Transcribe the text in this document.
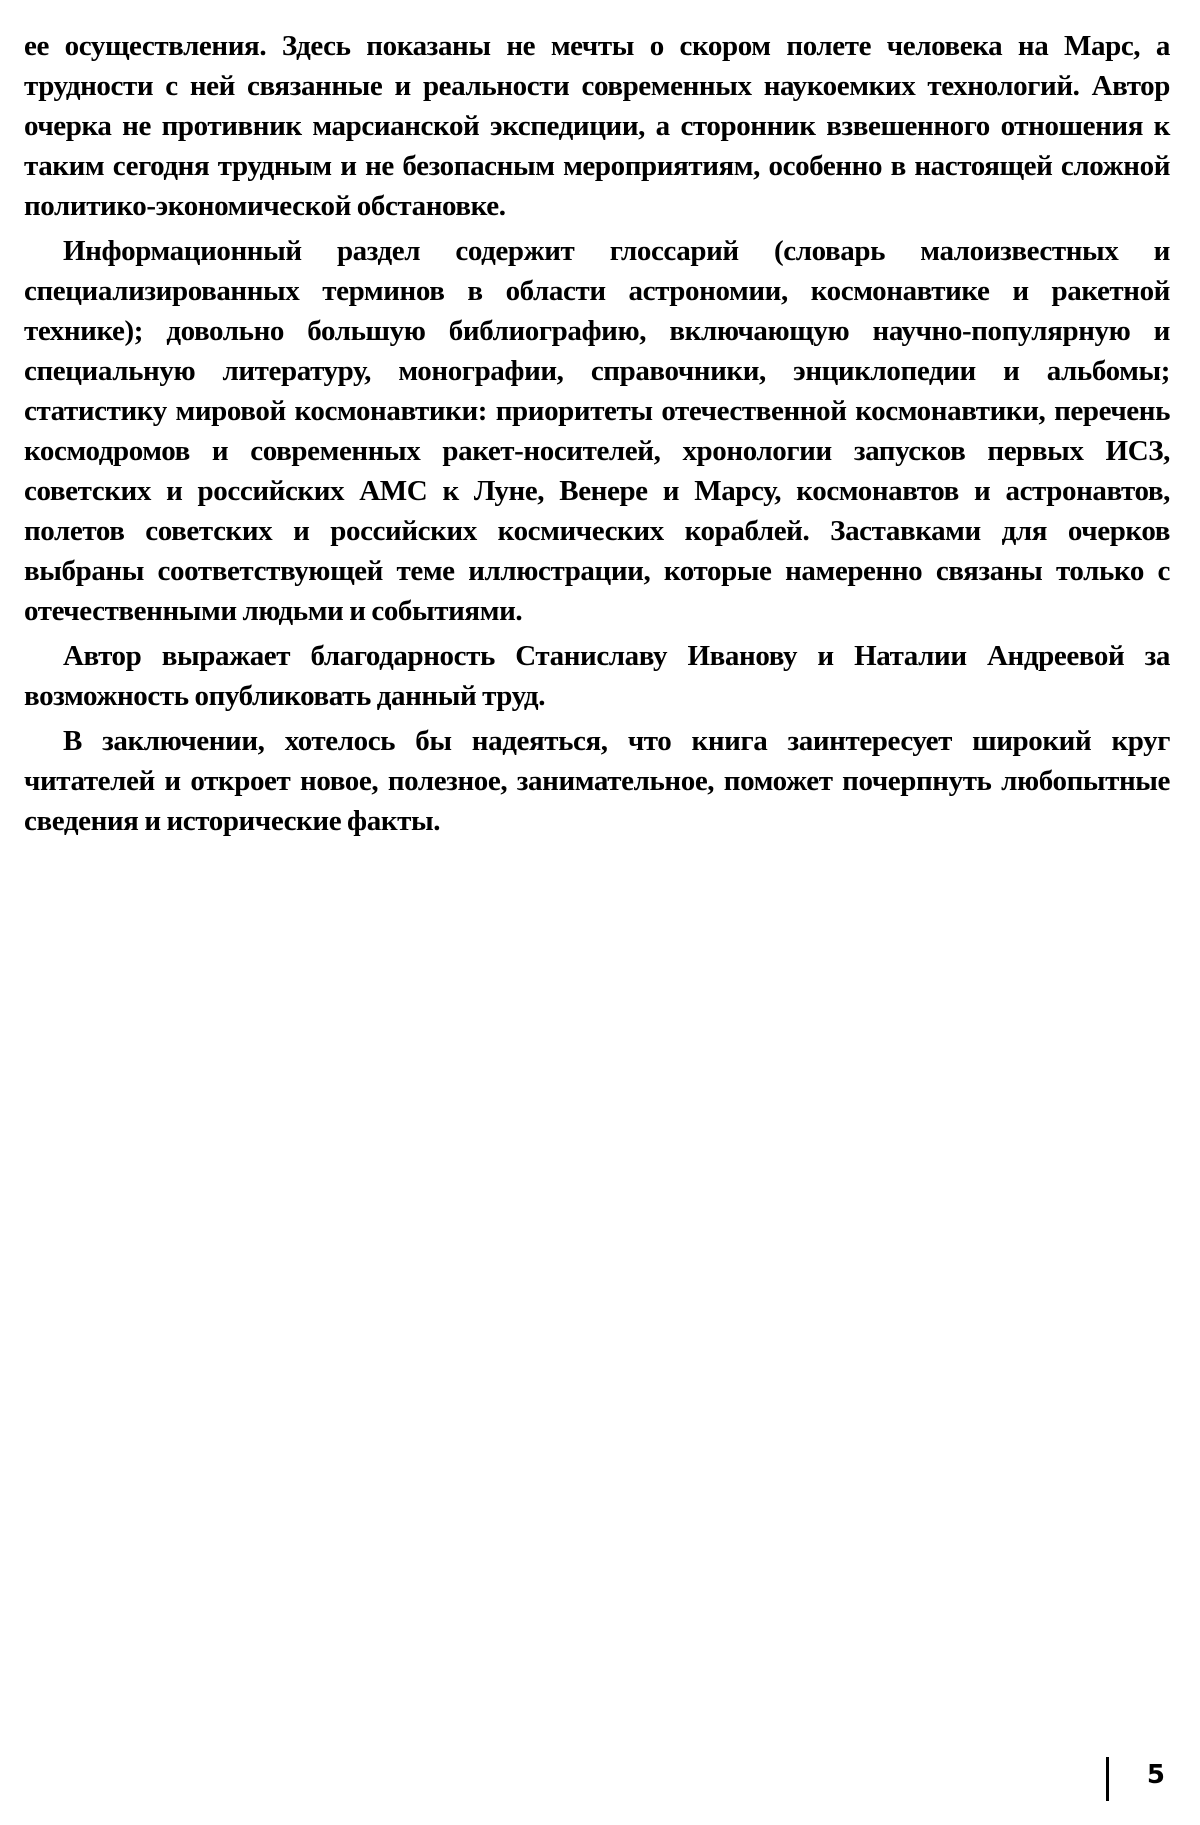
ее осуществления. Здесь показаны не мечты о скором полете человека на Марс, а трудности с ней связанные и реальности современных наукоемких технологий. Автор очерка не противник марсианской экспедиции, а сторонник взвешенного отношения к таким сегодня трудным и не безопасным мероприятиям, особенно в настоящей сложной политико-экономической обстановке.

Информационный раздел содержит глоссарий (словарь малоизвестных и специализированных терминов в области астрономии, космонавтике и ракетной технике); довольно большую библиографию, включающую научно-популярную и специальную литературу, монографии, справочники, энциклопедии и альбомы; статистику мировой космонавтики: приоритеты отечественной космонавтики, перечень космодромов и современных ракет-носителей, хронологии запусков первых ИСЗ, советских и российских АМС к Луне, Венере и Марсу, космонавтов и астронавтов, полетов советских и российских космических кораблей. Заставками для очерков выбраны соответствующей теме иллюстрации, которые намеренно связаны только с отечественными людьми и событиями.

Автор выражает благодарность Станиславу Иванову и Наталии Андреевой за возможность опубликовать данный труд.

В заключении, хотелось бы надеяться, что книга заинтересует широкий круг читателей и откроет новое, полезное, занимательное, поможет почерпнуть любопытные сведения и исторические факты.

5
